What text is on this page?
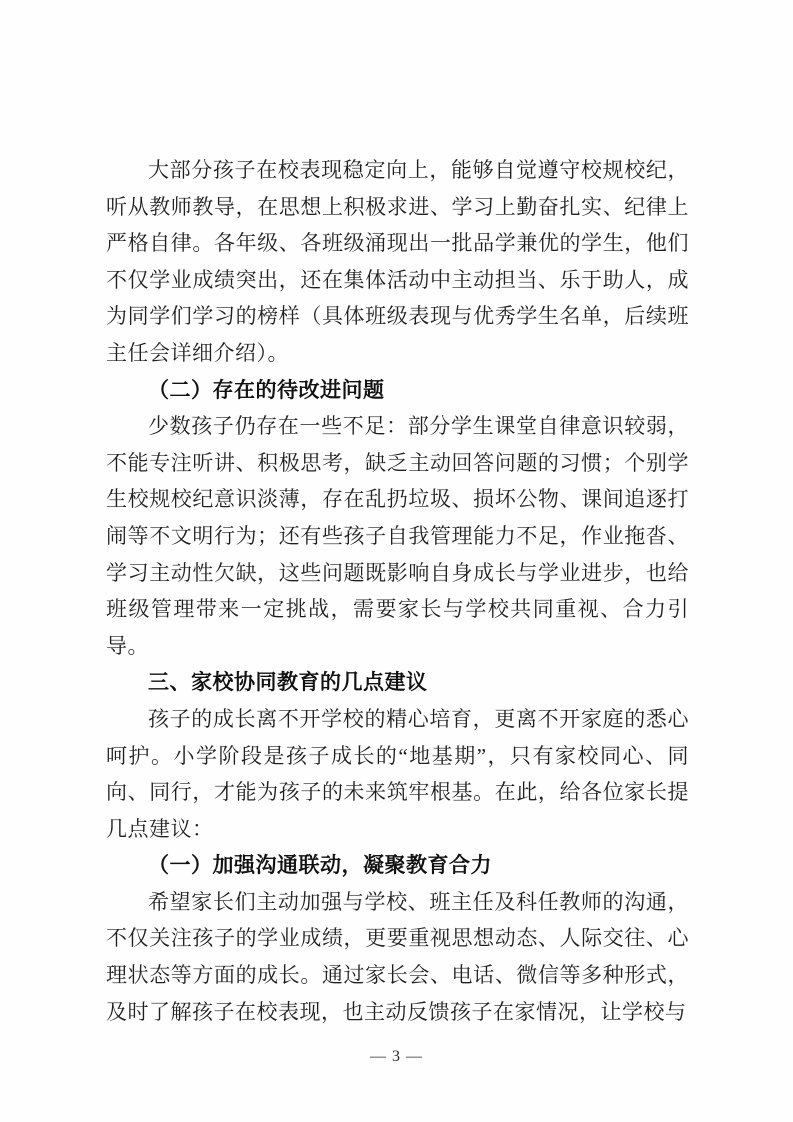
大部分孩子在校表现稳定向上，能够自觉遵守校规校纪，听从教师教导，在思想上积极求进、学习上勤奋扎实、纪律上严格自律。各年级、各班级涌现出一批品学兼优的学生，他们不仅学业成绩突出，还在集体活动中主动担当、乐于助人，成为同学们学习的榜样（具体班级表现与优秀学生名单，后续班主任会详细介绍）。

（二）存在的待改进问题

少数孩子仍存在一些不足：部分学生课堂自律意识较弱，不能专注听讲、积极思考，缺乏主动回答问题的习惯；个别学生校规校纪意识淡薄，存在乱扔垃圾、损坏公物、课间追逐打闹等不文明行为；还有些孩子自我管理能力不足，作业拖沓、学习主动性欠缺，这些问题既影响自身成长与学业进步，也给班级管理带来一定挑战，需要家长与学校共同重视、合力引导。

三、家校协同教育的几点建议

孩子的成长离不开学校的精心培育，更离不开家庭的悉心呵护。小学阶段是孩子成长的“地基期”，只有家校同心、同向、同行，才能为孩子的未来筑牢根基。在此，给各位家长提几点建议：

（一）加强沟通联动，凝聚教育合力

希望家长们主动加强与学校、班主任及科任教师的沟通，不仅关注孩子的学业成绩，更要重视思想动态、人际交往、心理状态等方面的成长。通过家长会、电话、微信等多种形式，及时了解孩子在校表现，也主动反馈孩子在家情况，让学校与

— 3 —
